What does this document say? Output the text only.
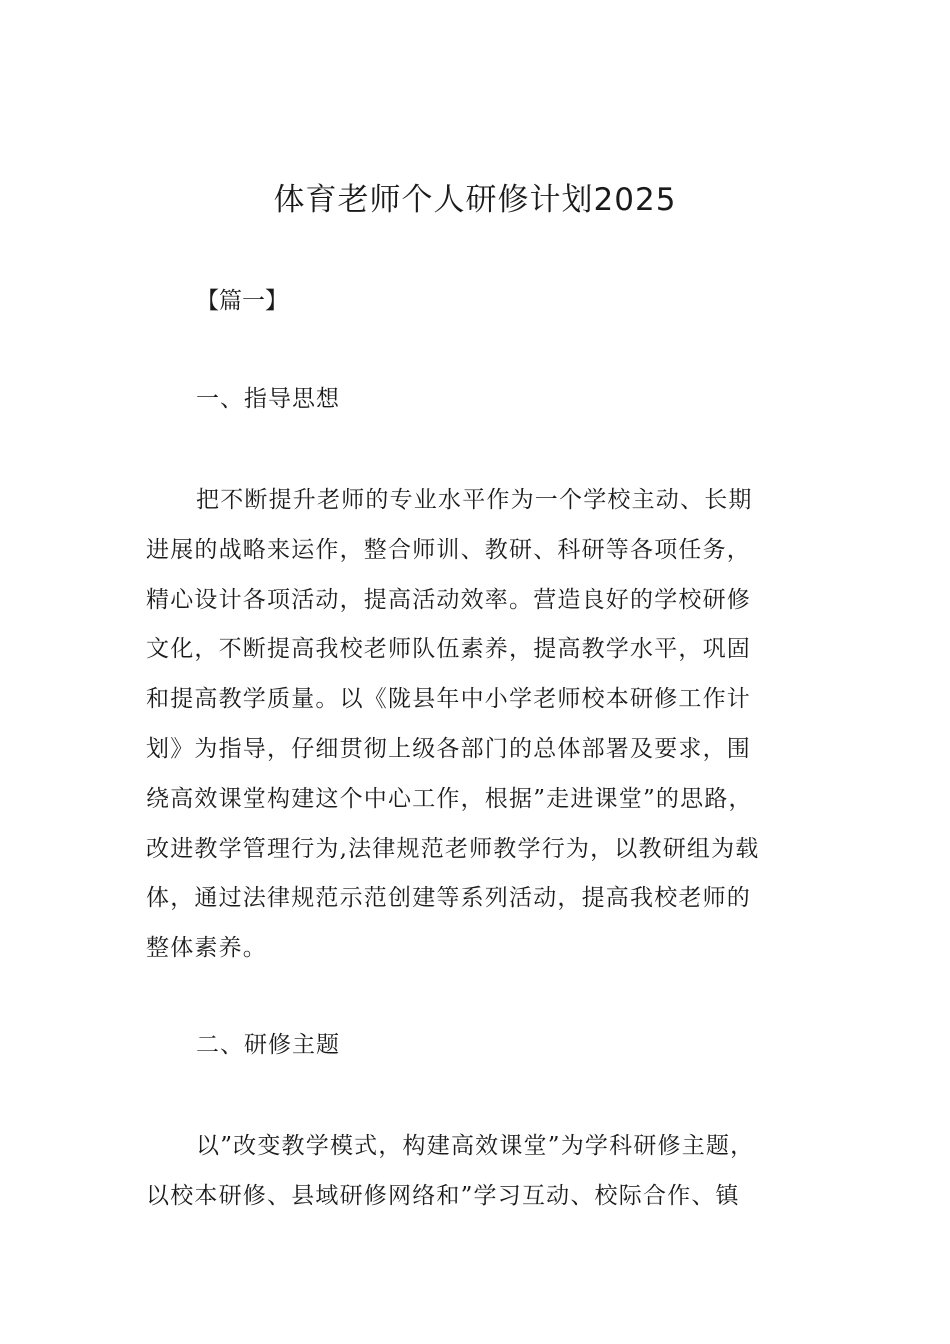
体育老师个人研修计划2025

【篇一】

一、指导思想

把不断提升老师的专业水平作为一个学校主动、长期
进展的战略来运作，整合师训、教研、科研等各项任务，
精心设计各项活动，提高活动效率。营造良好的学校研修
文化，不断提高我校老师队伍素养，提高教学水平，巩固
和提高教学质量。以《陇县年中小学老师校本研修工作计
划》为指导，仔细贯彻上级各部门的总体部署及要求，围
绕高效课堂构建这个中心工作，根据”走进课堂”的思路，
改进教学管理行为,法律规范老师教学行为，以教研组为载
体，通过法律规范示范创建等系列活动，提高我校老师的
整体素养。

二、研修主题

以”改变教学模式，构建高效课堂”为学科研修主题，
以校本研修、县域研修网络和”学习互动、校际合作、镇
